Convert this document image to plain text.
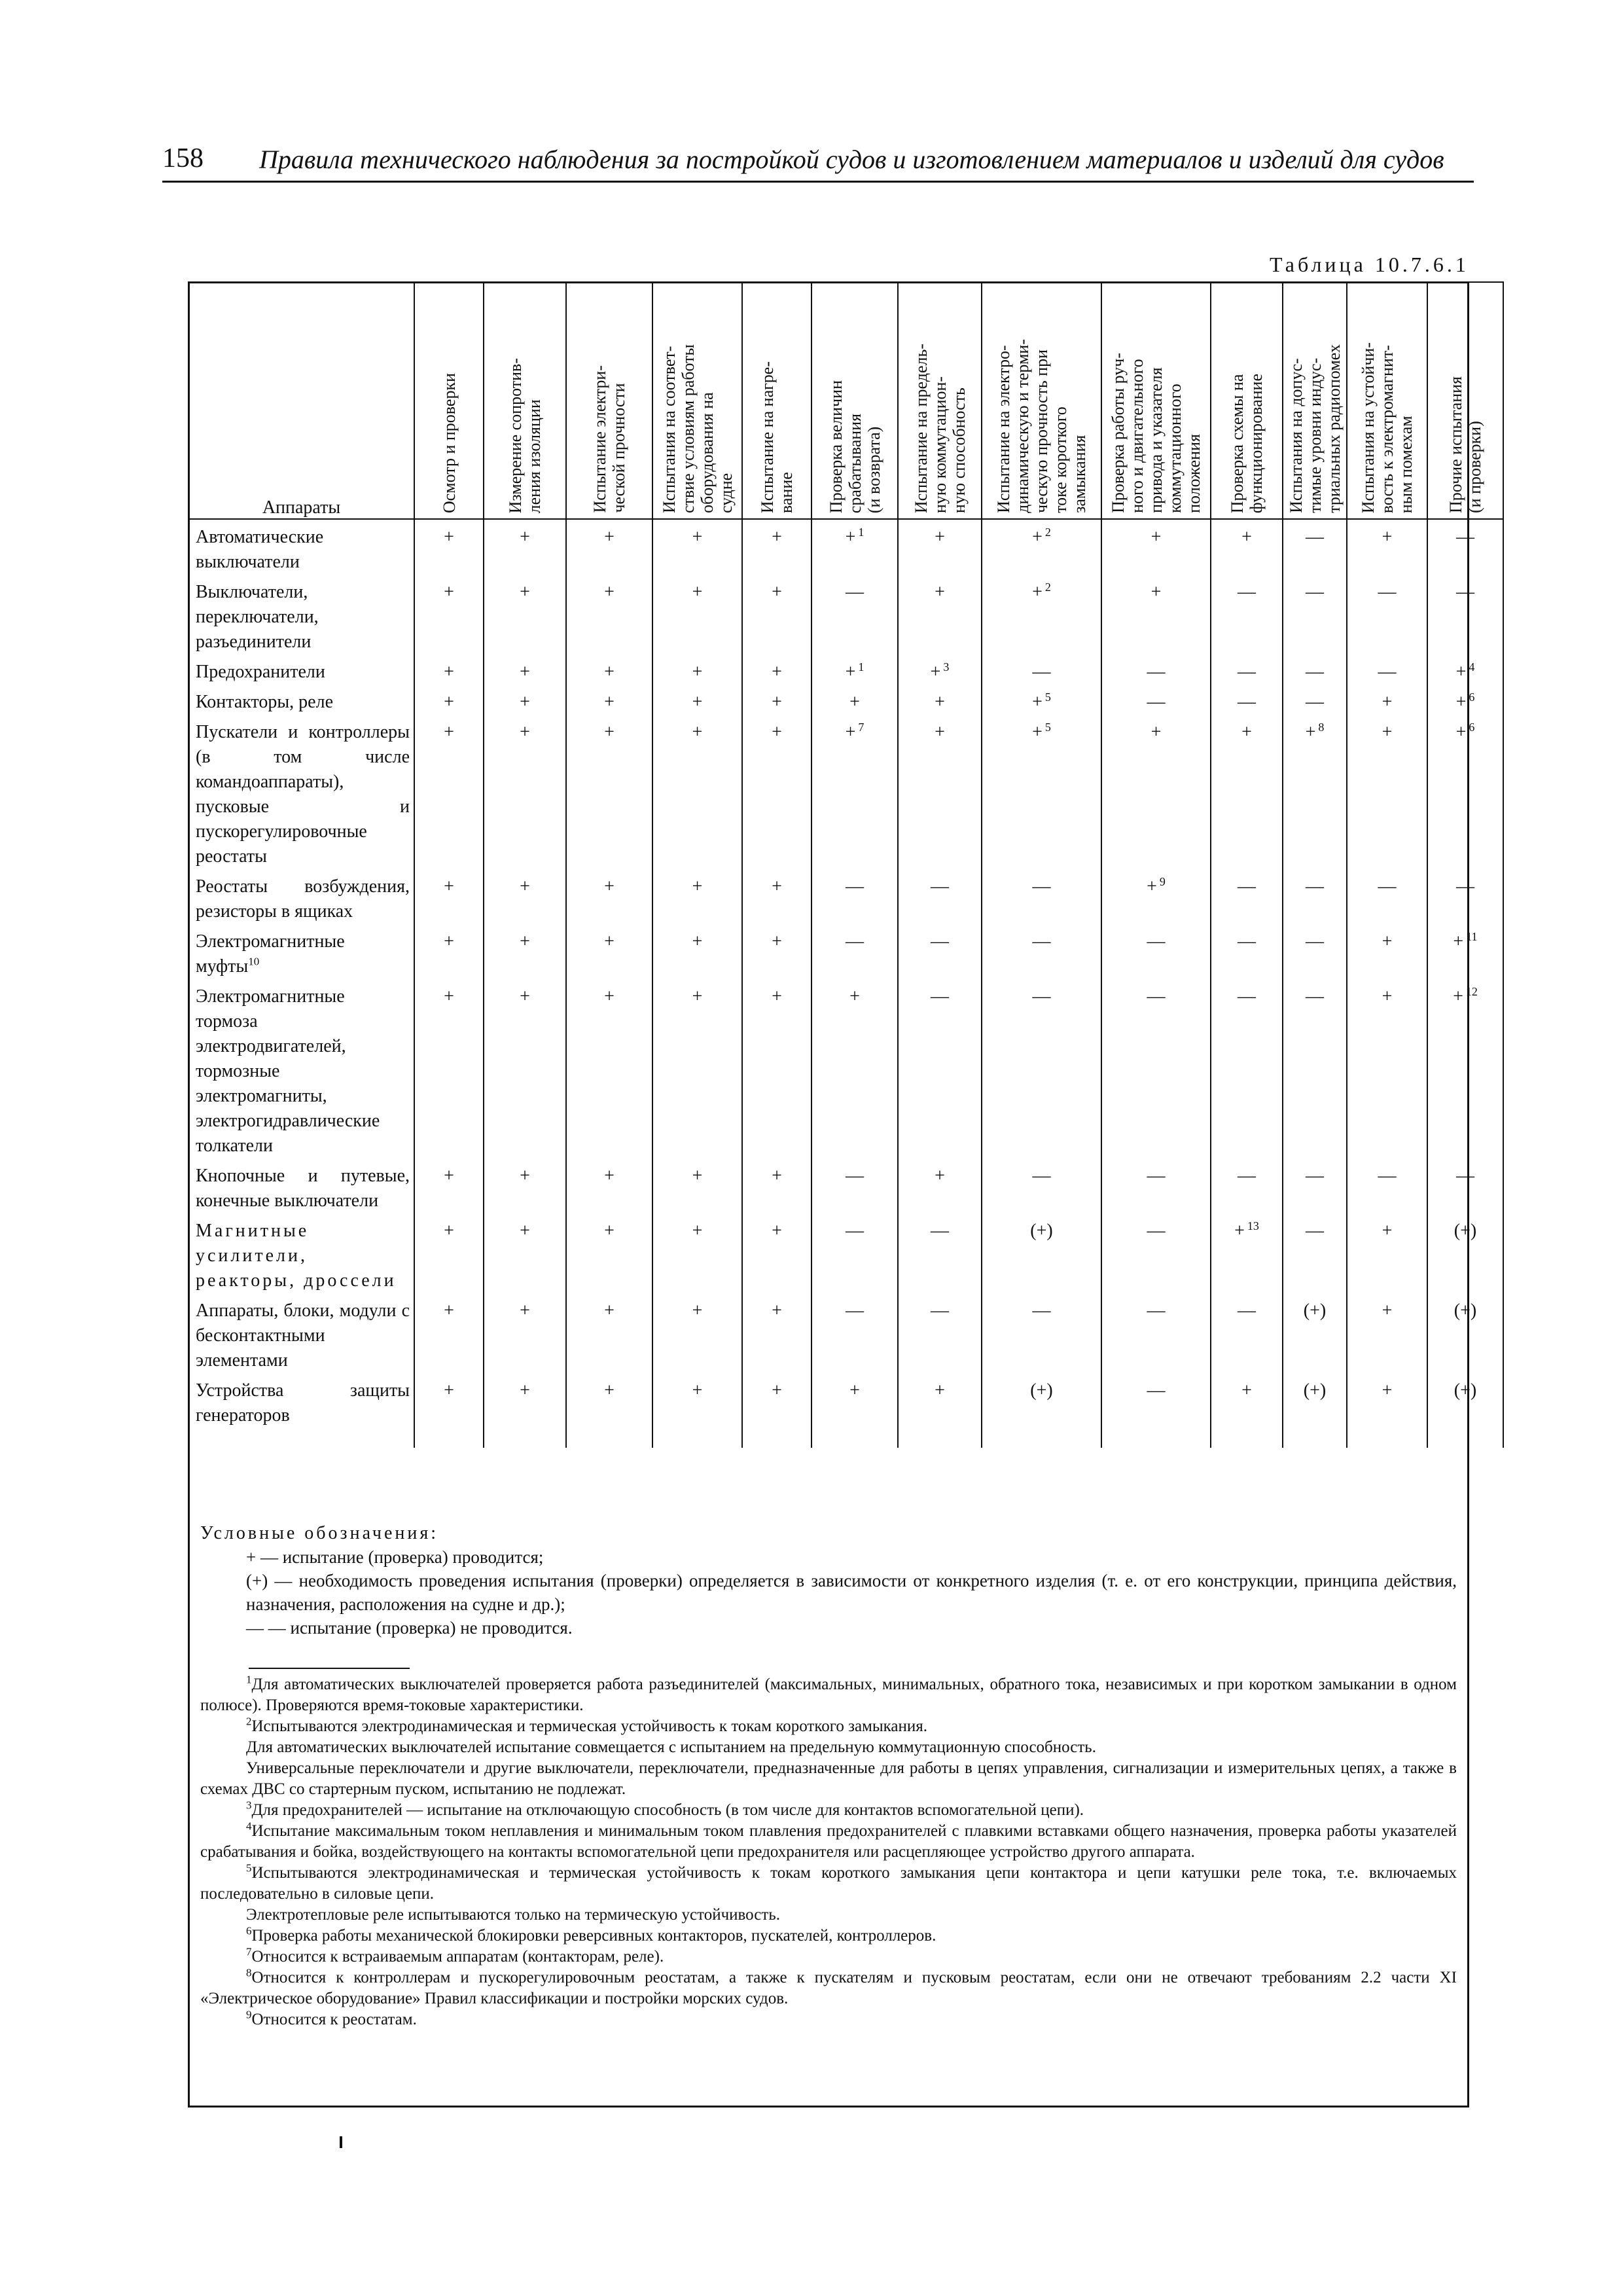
158 Правила технического наблюдения за постройкой судов и изготовлением материалов и изделий для судов
Таблица 10.7.6.1
Аппараты	Осмотр и проверки	Измерение сопротив-
ления изоляции	Испытание электри-
ческой прочности	Испытания на соответ-
ствие условиям работы
оборудования на
судне	Испытание на нагре-
вание	Проверка величин
срабатывания
(и возврата)	Испытание на предель-
ную коммутацион-
ную способность	Испытание на электро-
динамическую и терми-
ческую прочность при
токе короткого
замыкания	Проверка работы руч-
ного и двигательного
привода и указателя
коммутационного
положения	Проверка схемы на
функционирование	Испытания на допус-
тимые уровни индус-
триальных радиопомех	Испытания на устойчи-
вость к электромагнит-
ным помехам	Прочие испытания
(и проверки)

Автоматические выключатели	+	+	+	+	+	+ $^1$	+	+ $^2$	+	+	—	+	—

Выключатели, переключатели, разъединители	+	+	+	+	+	—	+	+ $^2$	+	—	—	—	—

Предохранители	+	+	+	+	+	+ $^1$	+ $^3$	—	—	—	—	—	+ $^4$

Контакторы, реле	+	+	+	+	+	+	+	+ $^5$	—	—	—	+	+ $^6$

Пускатели и контроллеры (в том числе командоаппараты), пусковые и пускорегулировочные реостаты	+	+	+	+	+	+ $^7$	+	+ $^5$	+	+	+ $^8$	+	+ $^6$

Реостаты возбуждения, резисторы в ящиках	+	+	+	+	+	—	—	—	+ $^9$	—	—	—	—

Электромагнитные муфты$^{10}$	+	+	+	+	+	—	—	—	—	—	—	+	+ $^{11}$

Электромагнитные тормоза электродвигателей, тормозные электромагниты, электрогидравлические толкатели	+	+	+	+	+	+	—	—	—	—	—	+	+ $^{12}$

Кнопочные и путевые, конечные выключатели	+	+	+	+	+	—	+	—	—	—	—	—	—

Магнитные усилители, реакторы, дроссели	+	+	+	+	+	—	—	(+)	—	+ $^{13}$	—	+	(+)

Аппараты, блоки, модули с бесконтактными элементами	+	+	+	+	+	—	—	—	—	—	(+)	+	(+)

Устройства защиты генераторов	+	+	+	+	+	+	+	(+)	—	+	(+)	+	(+)

Условные обозначения:

+ — испытание (проверка) проводится;

(+) — необходимость проведения испытания (проверки) определяется в зависимости от конкретного изделия (т. е. от его конструкции, принципа действия, назначения, расположения на судне и др.);

— — испытание (проверка) не проводится.

$^1$Для автоматических выключателей проверяется работа разъединителей (максимальных, минимальных, обратного тока, независимых и при коротком замыкании в одном полюсе). Проверяются время-токовые характеристики.

$^2$Испытываются электродинамическая и термическая устойчивость к токам короткого замыкания.

Для автоматических выключателей испытание совмещается с испытанием на предельную коммутационную способность.

Универсальные переключатели и другие выключатели, переключатели, предназначенные для работы в цепях управления, сигнализации и измерительных цепях, а также в схемах ДВС со стартерным пуском, испытанию не подлежат.

$^3$Для предохранителей — испытание на отключающую способность (в том числе для контактов вспомогательной цепи).

$^4$Испытание максимальным током неплавления и минимальным током плавления предохранителей с плавкими вставками общего назначения, проверка работы указателей срабатывания и бойка, воздействующего на контакты вспомогательной цепи предохранителя или расцепляющее устройство другого аппарата.

$^5$Испытываются электродинамическая и термическая устойчивость к токам короткого замыкания цепи контактора и цепи катушки реле тока, т.е. включаемых последовательно в силовые цепи.

Электротепловые реле испытываются только на термическую устойчивость.

$^6$Проверка работы механической блокировки реверсивных контакторов, пускателей, контроллеров.

$^7$Относится к встраиваемым аппаратам (контакторам, реле).

$^8$Относится к контроллерам и пускорегулировочным реостатам, а также к пускателям и пусковым реостатам, если они не отвечают требованиям 2.2 части XI «Электрическое оборудование» Правил классификации и постройки морских судов.

$^9$Относится к реостатам.
